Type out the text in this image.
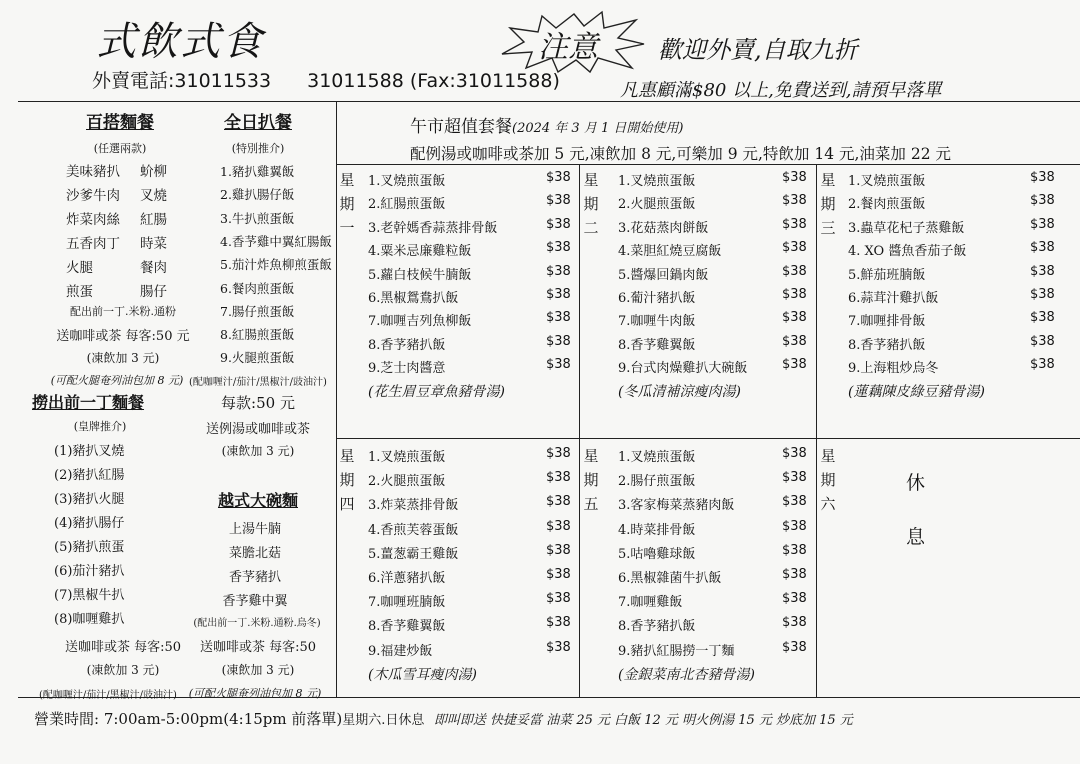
式飲式食
外賣電話:31011533 31011588 (Fax:31011588)
注意	歡迎外賣,自取九折
凡惠顧滿$80 以上,免費送到,請預早落單
百搭麵餐
(任選兩款)
美味豬扒 蚧柳
沙爹牛肉 叉燒
炸菜肉絲 紅腸
五香肉丁 時菜
火腿	餐肉
煎蛋	腸仔
配出前一丁.米粉.通粉
送咖啡或茶 每客:50 元
(凍飲加 3 元)
(可配火腿奄列油包加 8 元)
撈出前一丁麵餐
(皇牌推介)
(1)豬扒叉燒
(2)豬扒紅腸
(3)豬扒火腿
(4)豬扒腸仔
(5)豬扒煎蛋
(6)茄汁豬扒
(7)黑椒牛扒
(8)咖喱雞扒
送咖啡或茶 每客:50
(凍飲加 3 元)
(配咖喱汁/茄汁/黑椒汁/豉油汁)
全日扒餐
(特別推介)
1.豬扒雞翼飯
2.雞扒腸仔飯
3.牛扒煎蛋飯
4.香芧雞中翼紅腸飯
5.茄汁炸魚柳煎蛋飯
6.餐肉煎蛋飯
7.腸仔煎蛋飯
8.紅腸煎蛋飯
9.火腿煎蛋飯
(配咖喱汁/茄汁/黑椒汁/豉油汁)
每款:50 元
送例湯或咖啡或茶
(凍飲加 3 元)
越式大碗麵
上湯牛腩
菜膽北菇
香芧豬扒
香芧雞中翼
(配出前一丁.米粉.通粉.烏冬)
送咖啡或茶 每客:50
(凍飲加 3 元)
(可配火腿奄列油包加 8 元)
午市超值套餐(2024 年 3 月 1 日開始使用)
配例湯或咖啡或茶加 5 元,凍飲加 8 元,可樂加 9 元,特飲加 14 元,油菜加 22 元
星
期
一
1.叉燒煎蛋飯	$38
2.紅腸煎蛋飯	$38
3.老幹媽香蒜蒸排骨飯	$38
4.粟米忌廉雞粒飯	$38
5.蘿白枝候牛腩飯	$38
6.黑椒鴛鴦扒飯	$38
7.咖喱吉列魚柳飯	$38
8.香芧豬扒飯	$38
9.芝士肉醬意	$38
(花生眉豆章魚豬骨湯)
星
期
二
1.叉燒煎蛋飯	$38
2.火腿煎蛋飯	$38
3.花菇蒸肉餅飯	$38
4.菜胆紅燒豆腐飯	$38
5.醬爆回鍋肉飯	$38
6.葡汁豬扒飯	$38
7.咖喱牛肉飯	$38
8.香芧雞翼飯	$38
9.台式肉燥雞扒大碗飯	$38
(冬瓜清補涼瘦肉湯)
星
期
三
1.叉燒煎蛋飯	$38
2.餐肉煎蛋飯	$38
3.蟲草花杞子蒸雞飯	$38
4. XO 醬魚香茄子飯	$38
5.鮮茄班腩飯	$38
6.蒜茸汁雞扒飯	$38
7.咖喱排骨飯	$38
8.香芧豬扒飯	$38
9.上海粗炒烏冬	$38
(蓮藕陳皮綠豆豬骨湯)
星
期
四
1.叉燒煎蛋飯	$38
2.火腿煎蛋飯	$38
3.炸菜蒸排骨飯	$38
4.香煎芙蓉蛋飯	$38
5.薑葱霸王雞飯	$38
6.洋蔥豬扒飯	$38
7.咖喱班腩飯	$38
8.香芧雞翼飯	$38
9.福建炒飯	$38
(木瓜雪耳瘦肉湯)
星
期
五
1.叉燒煎蛋飯	$38
2.腸仔煎蛋飯	$38
3.客家梅菜蒸豬肉飯	$38
4.時菜排骨飯	$38
5.咕嚕雞球飯	$38
6.黑椒雜菌牛扒飯	$38
7.咖喱雞飯	$38
8.香芧豬扒飯	$38
9.豬扒紅腸撈一丁麵	$38
(金銀菜南北杏豬骨湯)
星
期
六
休
息
營業時間: 7:00am-5:00pm(4:15pm 前落單)星期六.日休息 即叫即送 快捷妥當 油菜 25 元 白飯 12 元 明火例湯 15 元 炒底加 15 元
